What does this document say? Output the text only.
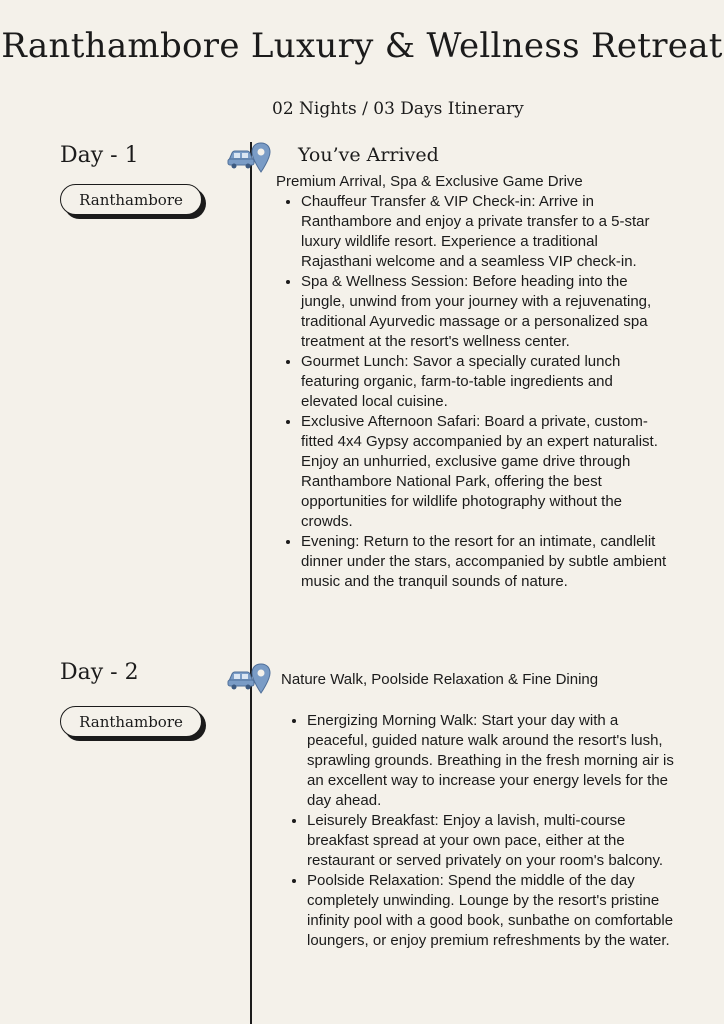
Ranthambore Luxury & Wellness Retreat
02 Nights / 03 Days Itinerary
Day - 1
Ranthambore
You’ve Arrived
Premium Arrival, Spa & Exclusive Game Drive
• Chauffeur Transfer & VIP Check-in: Arrive in Ranthambore and enjoy a private transfer to a 5-star luxury wildlife resort. Experience a traditional Rajasthani welcome and a seamless VIP check-in.
• Spa & Wellness Session: Before heading into the jungle, unwind from your journey with a rejuvenating, traditional Ayurvedic massage or a personalized spa treatment at the resort's wellness center.
• Gourmet Lunch: Savor a specially curated lunch featuring organic, farm-to-table ingredients and elevated local cuisine.
• Exclusive Afternoon Safari: Board a private, custom-fitted 4x4 Gypsy accompanied by an expert naturalist. Enjoy an unhurried, exclusive game drive through Ranthambore National Park, offering the best opportunities for wildlife photography without the crowds.
• Evening: Return to the resort for an intimate, candlelit dinner under the stars, accompanied by subtle ambient music and the tranquil sounds of nature.
Day - 2
Ranthambore
Nature Walk, Poolside Relaxation & Fine Dining
• Energizing Morning Walk: Start your day with a peaceful, guided nature walk around the resort's lush, sprawling grounds. Breathing in the fresh morning air is an excellent way to increase your energy levels for the day ahead.
• Leisurely Breakfast: Enjoy a lavish, multi-course breakfast spread at your own pace, either at the restaurant or served privately on your room's balcony.
• Poolside Relaxation: Spend the middle of the day completely unwinding. Lounge by the resort's pristine infinity pool with a good book, sunbathe on comfortable loungers, or enjoy premium refreshments by the water.
